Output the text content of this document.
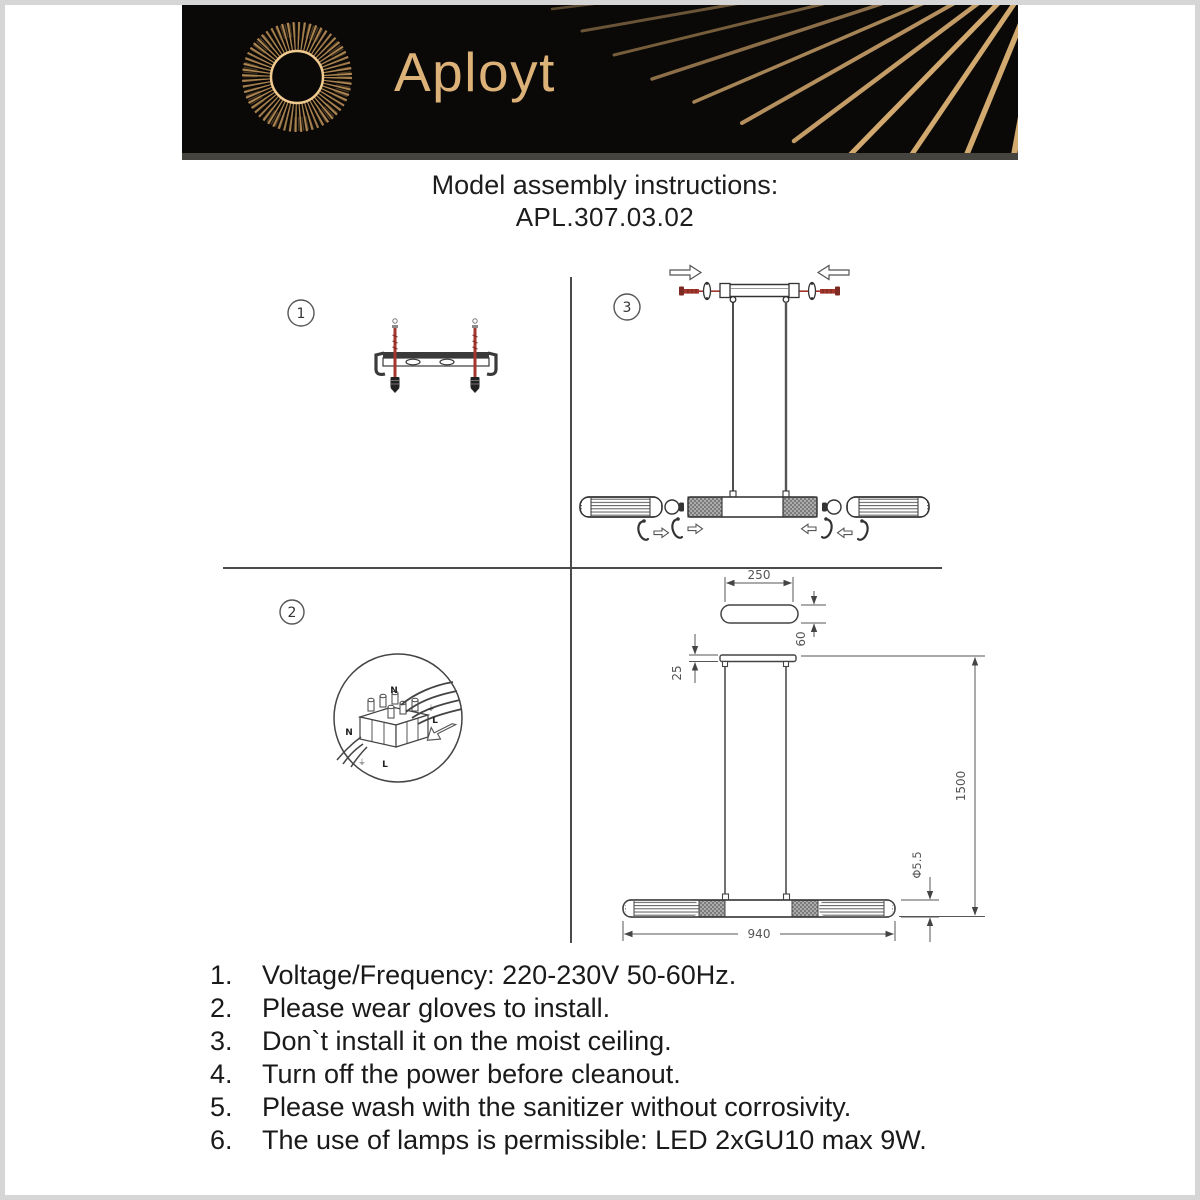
Aployt
Model assembly instructions:
APL.307.03.02
1	3
2
N
⏚
L
N
⏚ L
250
60
25
1500
Φ5.5
940
1.	Voltage/Frequency: 220-230V 50-60Hz.
2.	Please wear gloves to install.
3.	Don`t install it on the moist ceiling.
4.	Turn off the power before cleanout.
5.	Please wash with the sanitizer without corrosivity.
6.	The use of lamps is permissible: LED 2xGU10 max 9W.
